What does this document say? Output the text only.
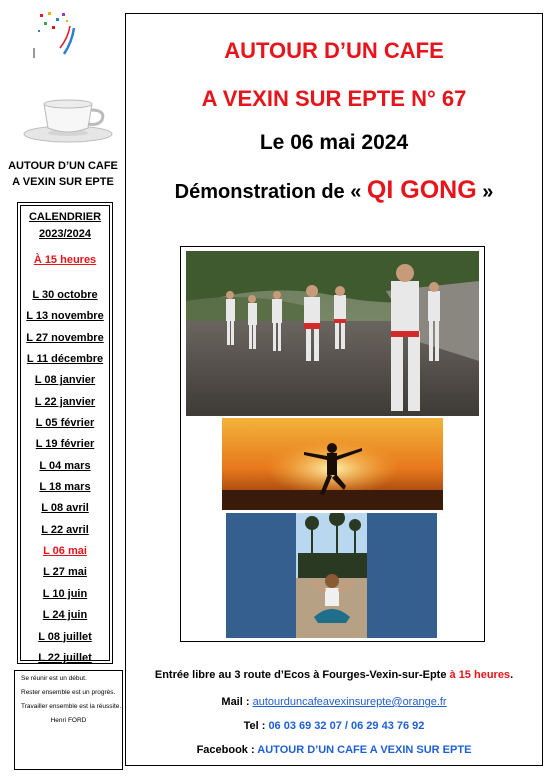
AUTOUR D’UN CAFE
A VEXIN SUR EPTE
CALENDRIER
2023/2024
À 15 heures
L 30 octobre
L 13 novembre
L 27 novembre
L 11 décembre
L 08 janvier
L 22 janvier
L 05 février
L 19 février
L 04 mars
L 18 mars
L 08 avril
L 22 avril
L 06 mai
L 27 mai
L 10 juin
L 24 juin
L 08 juillet
L 22 juillet

Se réunir est un début.

Rester ensemble est un progrès.

Travailler ensemble est la réussite.

Henri FORD

AUTOUR D’UN CAFE
A VEXIN SUR EPTE N° 67
Le 06 mai 2024
Démonstration de « QI GONG »
Entrée libre au 3 route d’Ecos à Fourges-Vexin-sur-Epte à 15 heures.
Mail : autourduncafeavexinsurepte@orange.fr
Tel : 06 03 69 32 07 / 06 29 43 76 92
Facebook : AUTOUR D’UN CAFE A VEXIN SUR EPTE
